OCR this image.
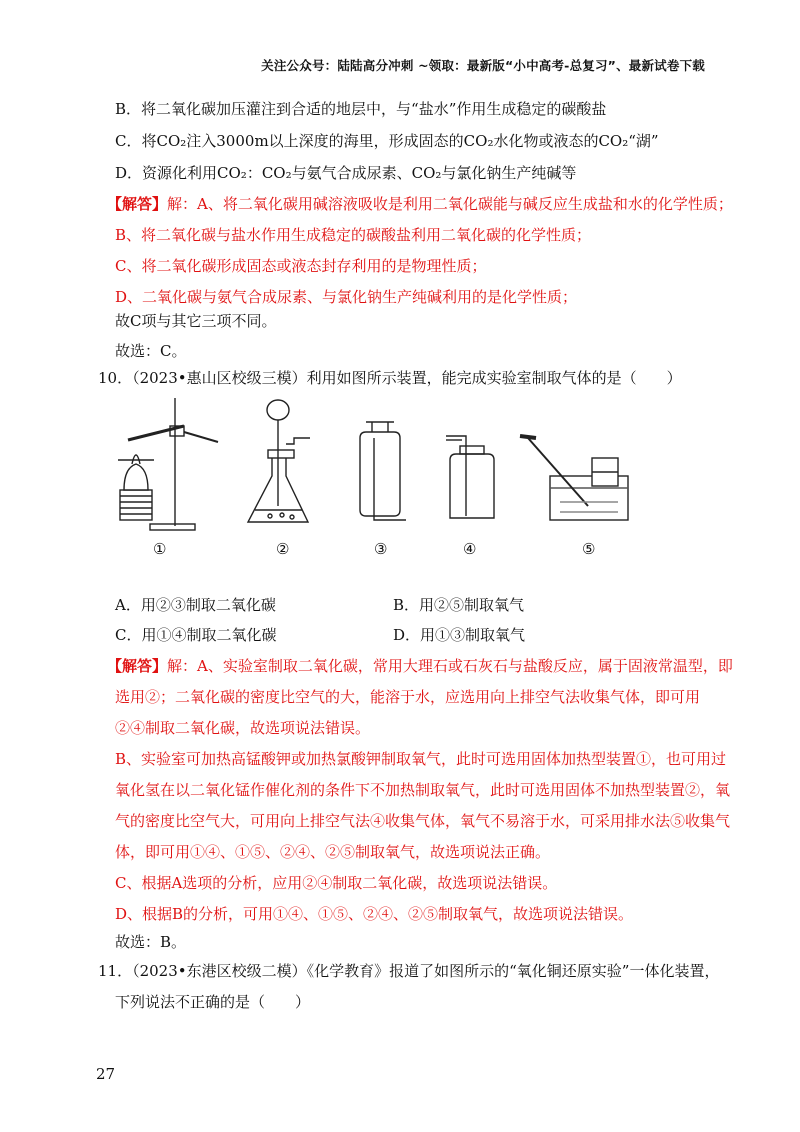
关注公众号：陆陆高分冲刺 ~领取：最新版“小中高考-总复习”、最新试卷下载
B．将二氧化碳加压灌注到合适的地层中，与“盐水”作用生成稳定的碳酸盐
C．将CO₂注入3000m以上深度的海里，形成固态的CO₂水化物或液态的CO₂“湖”
D．资源化利用CO₂：CO₂与氨气合成尿素、CO₂与氯化钠生产纯碱等
【解答】解：A、将二氧化碳用碱溶液吸收是利用二氧化碳能与碱反应生成盐和水的化学性质；
B、将二氧化碳与盐水作用生成稳定的碳酸盐利用二氧化碳的化学性质；
C、将二氧化碳形成固态或液态封存利用的是物理性质；
D、二氧化碳与氨气合成尿素、与氯化钠生产纯碱利用的是化学性质；
故C项与其它三项不同。
故选：C。
10．（2023•惠山区校级三模）利用如图所示装置，能完成实验室制取气体的是（　　）
①	②	③	④	⑤
A．用②③制取二氧化碳	B．用②⑤制取氧气
C．用①④制取二氧化碳	D．用①③制取氧气
【解答】解：A、实验室制取二氧化碳，常用大理石或石灰石与盐酸反应，属于固液常温型，即
选用②；二氧化碳的密度比空气的大，能溶于水，应选用向上排空气法收集气体，即可用
②④制取二氧化碳，故选项说法错误。
B、实验室可加热高锰酸钾或加热氯酸钾制取氧气，此时可选用固体加热型装置①，也可用过
氧化氢在以二氧化锰作催化剂的条件下不加热制取氧气，此时可选用固体不加热型装置②，氧
气的密度比空气大，可用向上排空气法④收集气体，氧气不易溶于水，可采用排水法⑤收集气
体，即可用①④、①⑤、②④、②⑤制取氧气，故选项说法正确。
C、根据A选项的分析，应用②④制取二氧化碳，故选项说法错误。
D、根据B的分析，可用①④、①⑤、②④、②⑤制取氧气，故选项说法错误。
故选：B。
11．（2023•东港区校级二模）《化学教育》报道了如图所示的“氧化铜还原实验”一体化装置，
下列说法不正确的是（　　）
27
